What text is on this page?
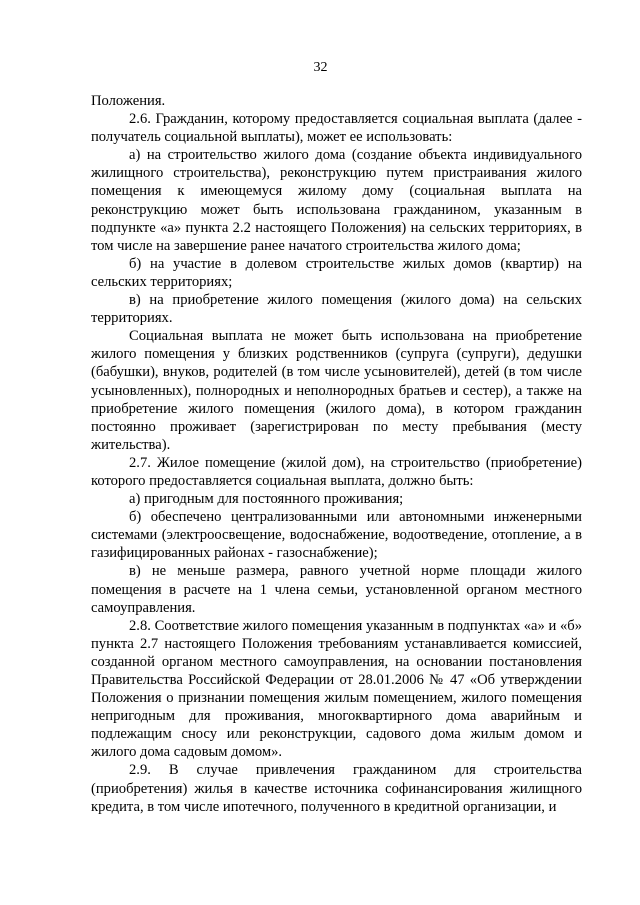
32

Положения.

2.6. Гражданин, которому предоставляется социальная выплата (далее - получатель социальной выплаты), может ее использовать:

а) на строительство жилого дома (создание объекта индивидуального жилищного строительства), реконструкцию путем пристраивания жилого помещения к имеющемуся жилому дому (социальная выплата на реконструкцию может быть использована гражданином, указанным в подпункте «а» пункта 2.2 настоящего Положения) на сельских территориях, в том числе на завершение ранее начатого строительства жилого дома;

б) на участие в долевом строительстве жилых домов (квартир) на сельских территориях;

в) на приобретение жилого помещения (жилого дома) на сельских территориях.

Социальная выплата не может быть использована на приобретение жилого помещения у близких родственников (супруга (супруги), дедушки (бабушки), внуков, родителей (в том числе усыновителей), детей (в том числе усыновленных), полнородных и неполнородных братьев и сестер), а также на приобретение жилого помещения (жилого дома), в котором гражданин постоянно проживает (зарегистрирован по месту пребывания (месту жительства).

2.7. Жилое помещение (жилой дом), на строительство (приобретение) которого предоставляется социальная выплата, должно быть:

а) пригодным для постоянного проживания;

б) обеспечено централизованными или автономными инженерными системами (электроосвещение, водоснабжение, водоотведение, отопление, а в газифицированных районах - газоснабжение);

в) не меньше размера, равного учетной норме площади жилого помещения в расчете на 1 члена семьи, установленной органом местного самоуправления.

2.8. Соответствие жилого помещения указанным в подпунктах «а» и «б» пункта 2.7 настоящего Положения требованиям устанавливается комиссией, созданной органом местного самоуправления, на основании постановления Правительства Российской Федерации от 28.01.2006 № 47 «Об утверждении Положения о признании помещения жилым помещением, жилого помещения непригодным для проживания, многоквартирного дома аварийным и подлежащим сносу или реконструкции, садового дома жилым домом и жилого дома садовым домом».

2.9. В случае привлечения гражданином для строительства (приобретения) жилья в качестве источника софинансирования жилищного кредита, в том числе ипотечного, полученного в кредитной организации, и
